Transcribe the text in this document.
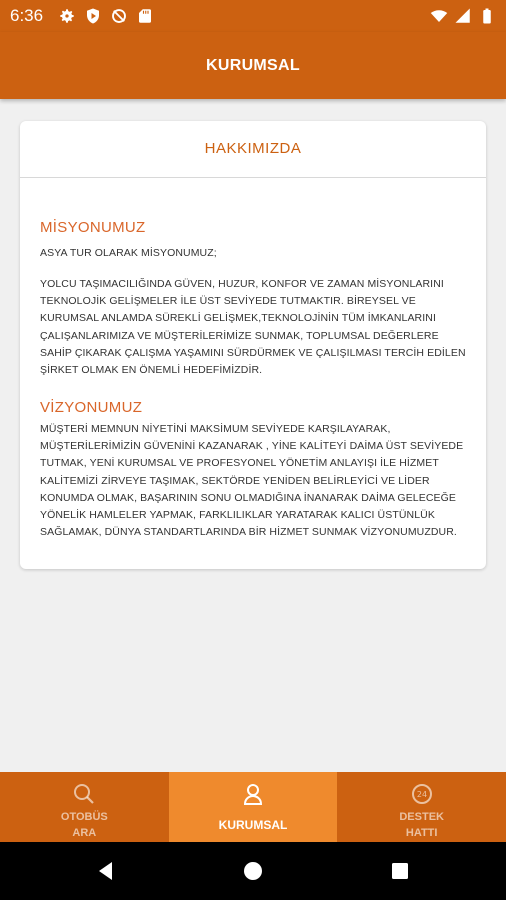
6:36
KURUMSAL
HAKKIMIZDA
MİSYONUMUZ

ASYA TUR OLARAK MİSYONUMUZ;

YOLCU TAŞIMACILIĞINDA GÜVEN, HUZUR, KONFOR VE ZAMAN MİSYONLARINI TEKNOLOJİK GELİŞMELER İLE ÜST SEVİYEDE TUTMAKTIR. BİREYSEL VE KURUMSAL ANLAMDA SÜREKLİ GELİŞMEK,TEKNOLOJİNİN TÜM İMKANLARINI ÇALIŞANLARIMIZA VE MÜŞTERİLERİMİZE SUNMAK, TOPLUMSAL DEĞERLERE SAHİP ÇIKARAK ÇALIŞMA YAŞAMINI SÜRDÜRMEK VE ÇALIŞILMASI TERCİH EDİLEN ŞİRKET OLMAK EN ÖNEMLİ HEDEFİMİZDİR.

VİZYONUMUZ

MÜŞTERİ MEMNUN NİYETİNİ MAKSİMUM SEVİYEDE KARŞILAYARAK, MÜŞTERİLERİMİZİN GÜVENİNİ KAZANARAK , YİNE KALİTEYİ DAİMA ÜST SEVİYEDE TUTMAK, YENİ KURUMSAL VE PROFESYONEL YÖNETİM ANLAYIŞI İLE HİZMET KALİTEMİZİ ZİRVEYE TAŞIMAK, SEKTÖRDE YENİDEN BELİRLEYİCİ VE LİDER KONUMDA OLMAK, BAŞARININ SONU OLMADIĞINA İNANARAK DAİMA GELECEĞE YÖNELİK HAMLELER YAPMAK, FARKLILIKLAR YARATARAK KALICI ÜSTÜNLÜK SAĞLAMAK, DÜNYA STANDARTLARINDA BİR HİZMET SUNMAK VİZYONUMUZDUR.

OTOBÜS
ARA
KURUMSAL
24
DESTEK
HATTI
